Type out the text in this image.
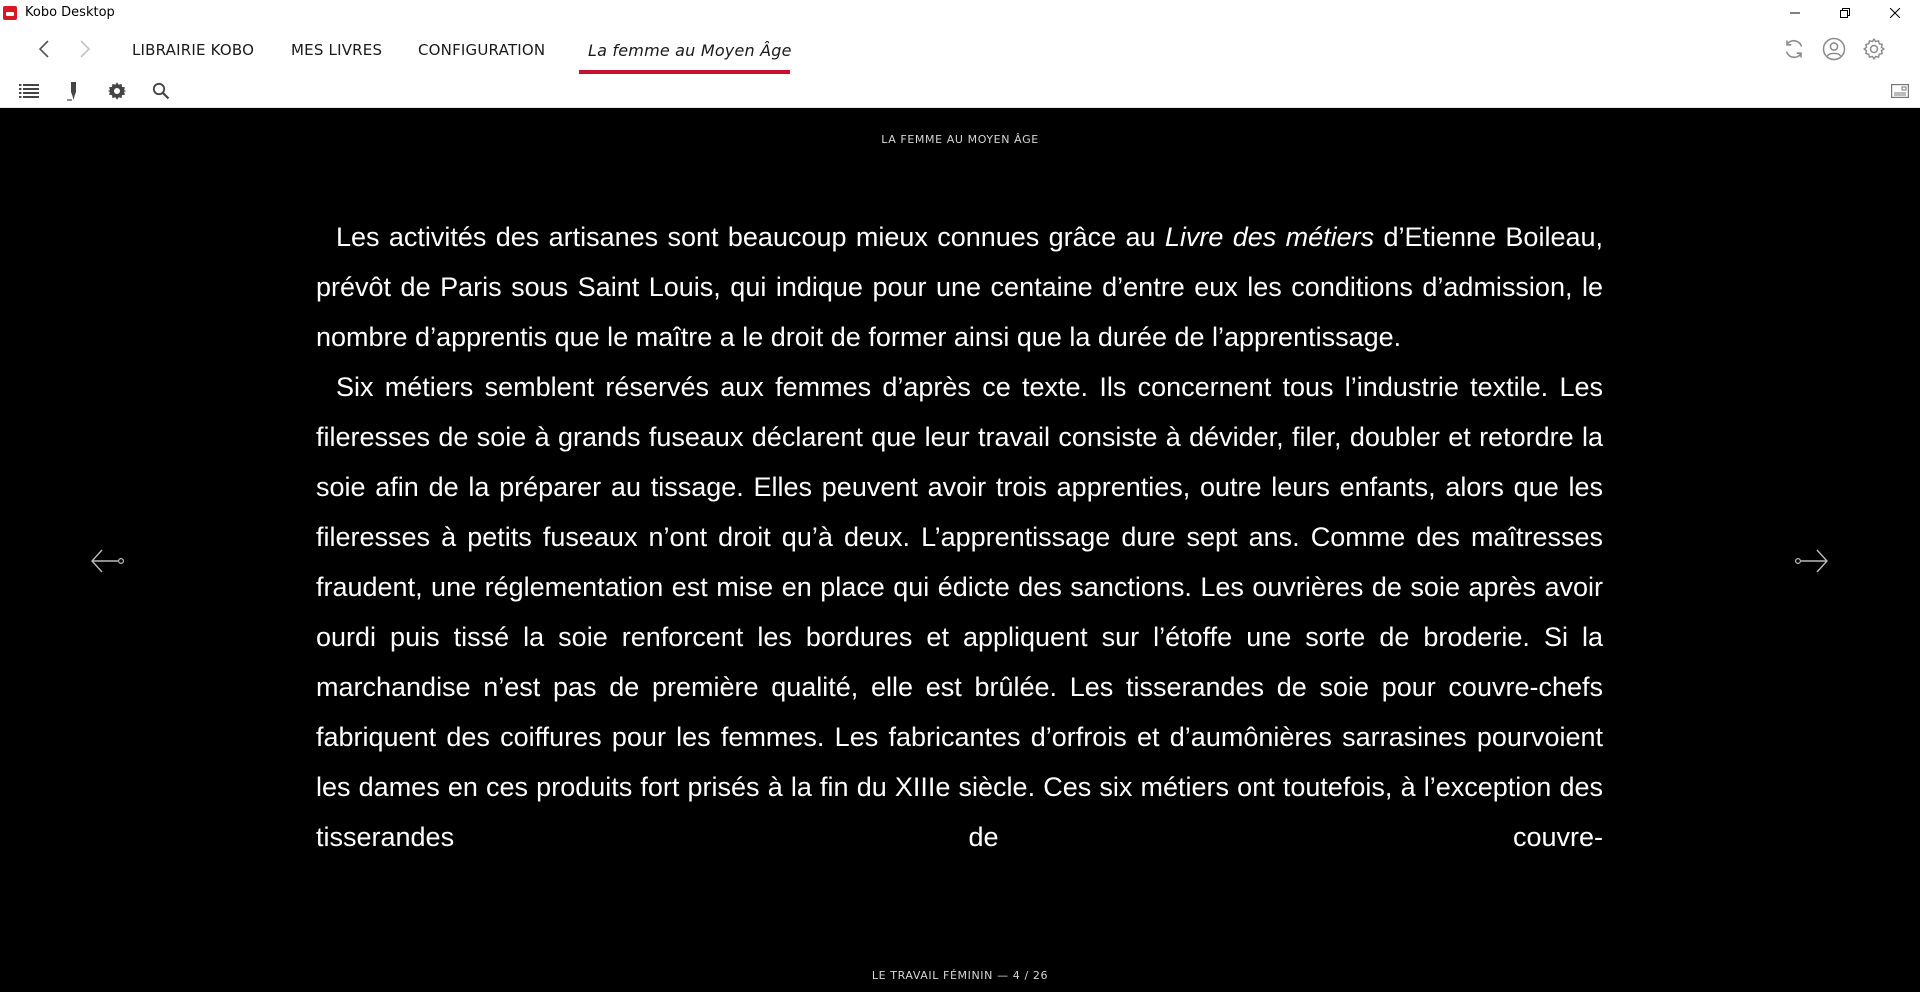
Kobo Desktop
LIBRAIRIE KOBO MES LIVRES CONFIGURATION	La femme au Moyen Âge
LA FEMME AU MOYEN ÂGE

Les activités des artisanes sont beaucoup mieux connues grâce au Livre des métiers d’Etienne Boileau, prévôt de Paris sous Saint Louis, qui indique pour une centaine d’entre eux les conditions d’admission, le nombre d’apprentis que le maître a le droit de former ainsi que la durée de l’apprentissage.

Six métiers semblent réservés aux femmes d’après ce texte. Ils concernent tous l’industrie textile. Les fileresses de soie à grands fuseaux déclarent que leur travail consiste à dévider, filer, doubler et retordre la soie afin de la préparer au tissage. Elles peuvent avoir trois apprenties, outre leurs enfants, alors que les fileresses à petits fuseaux n’ont droit qu’à deux. L’apprentissage dure sept ans. Comme des maîtresses fraudent, une réglementation est mise en place qui édicte des sanctions. Les ouvrières de soie après avoir ourdi puis tissé la soie renforcent les bordures et appliquent sur l’étoffe une sorte de broderie. Si la marchandise n’est pas de première qualité, elle est brûlée. Les tisserandes de soie pour couvre-chefs fabriquent des coiffures pour les femmes. Les fabricantes d’orfrois et d’aumônières sarrasines pourvoient les dames en ces produits fort prisés à la fin du XIIIe siècle. Ces six métiers ont toutefois, à l’exception des tisserandes de couvre-

LE TRAVAIL FÉMININ — 4 / 26
